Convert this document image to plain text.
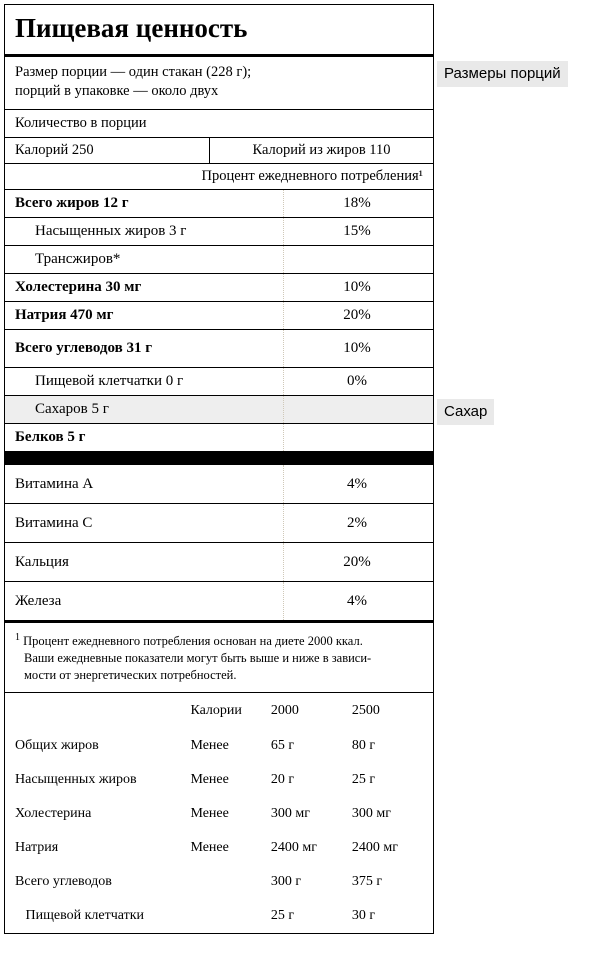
Пищевая ценность
Размер порции — один стакан (228 г);
порций в упаковке — около двух
Количество в порции
Калорий 250	Калорий из жиров 110
Процент ежедневного потребления¹
Всего жиров 12 г	18%
Насыщенных жиров 3 г	15%
Трансжиров*
Холестерина 30 мг	10%
Натрия 470 мг	20%
Всего углеводов 31 г	10%
Пищевой клетчатки 0 г	0%
Сахаров 5 г
Белков 5 г
Витамина А	4%
Витамина С	2%
Кальция	20%
Железа	4%
$^1$ Процент ежедневного потребления основан на диете 2000 ккал.
Ваши ежедневные показатели могут быть выше и ниже в зависи-
мости от энергетических потребностей.
	Калории	2000	2500
Общих жиров	Менее	65 г	80 г
Насыщенных жиров	Менее	20 г	25 г
Холестерина	Менее	300 мг	300 мг
Натрия	Менее	2400 мг	2400 мг
Всего углеводов		300 г	375 г
Пищевой клетчатки		25 г	30 г
Размеры порций
Сахар
